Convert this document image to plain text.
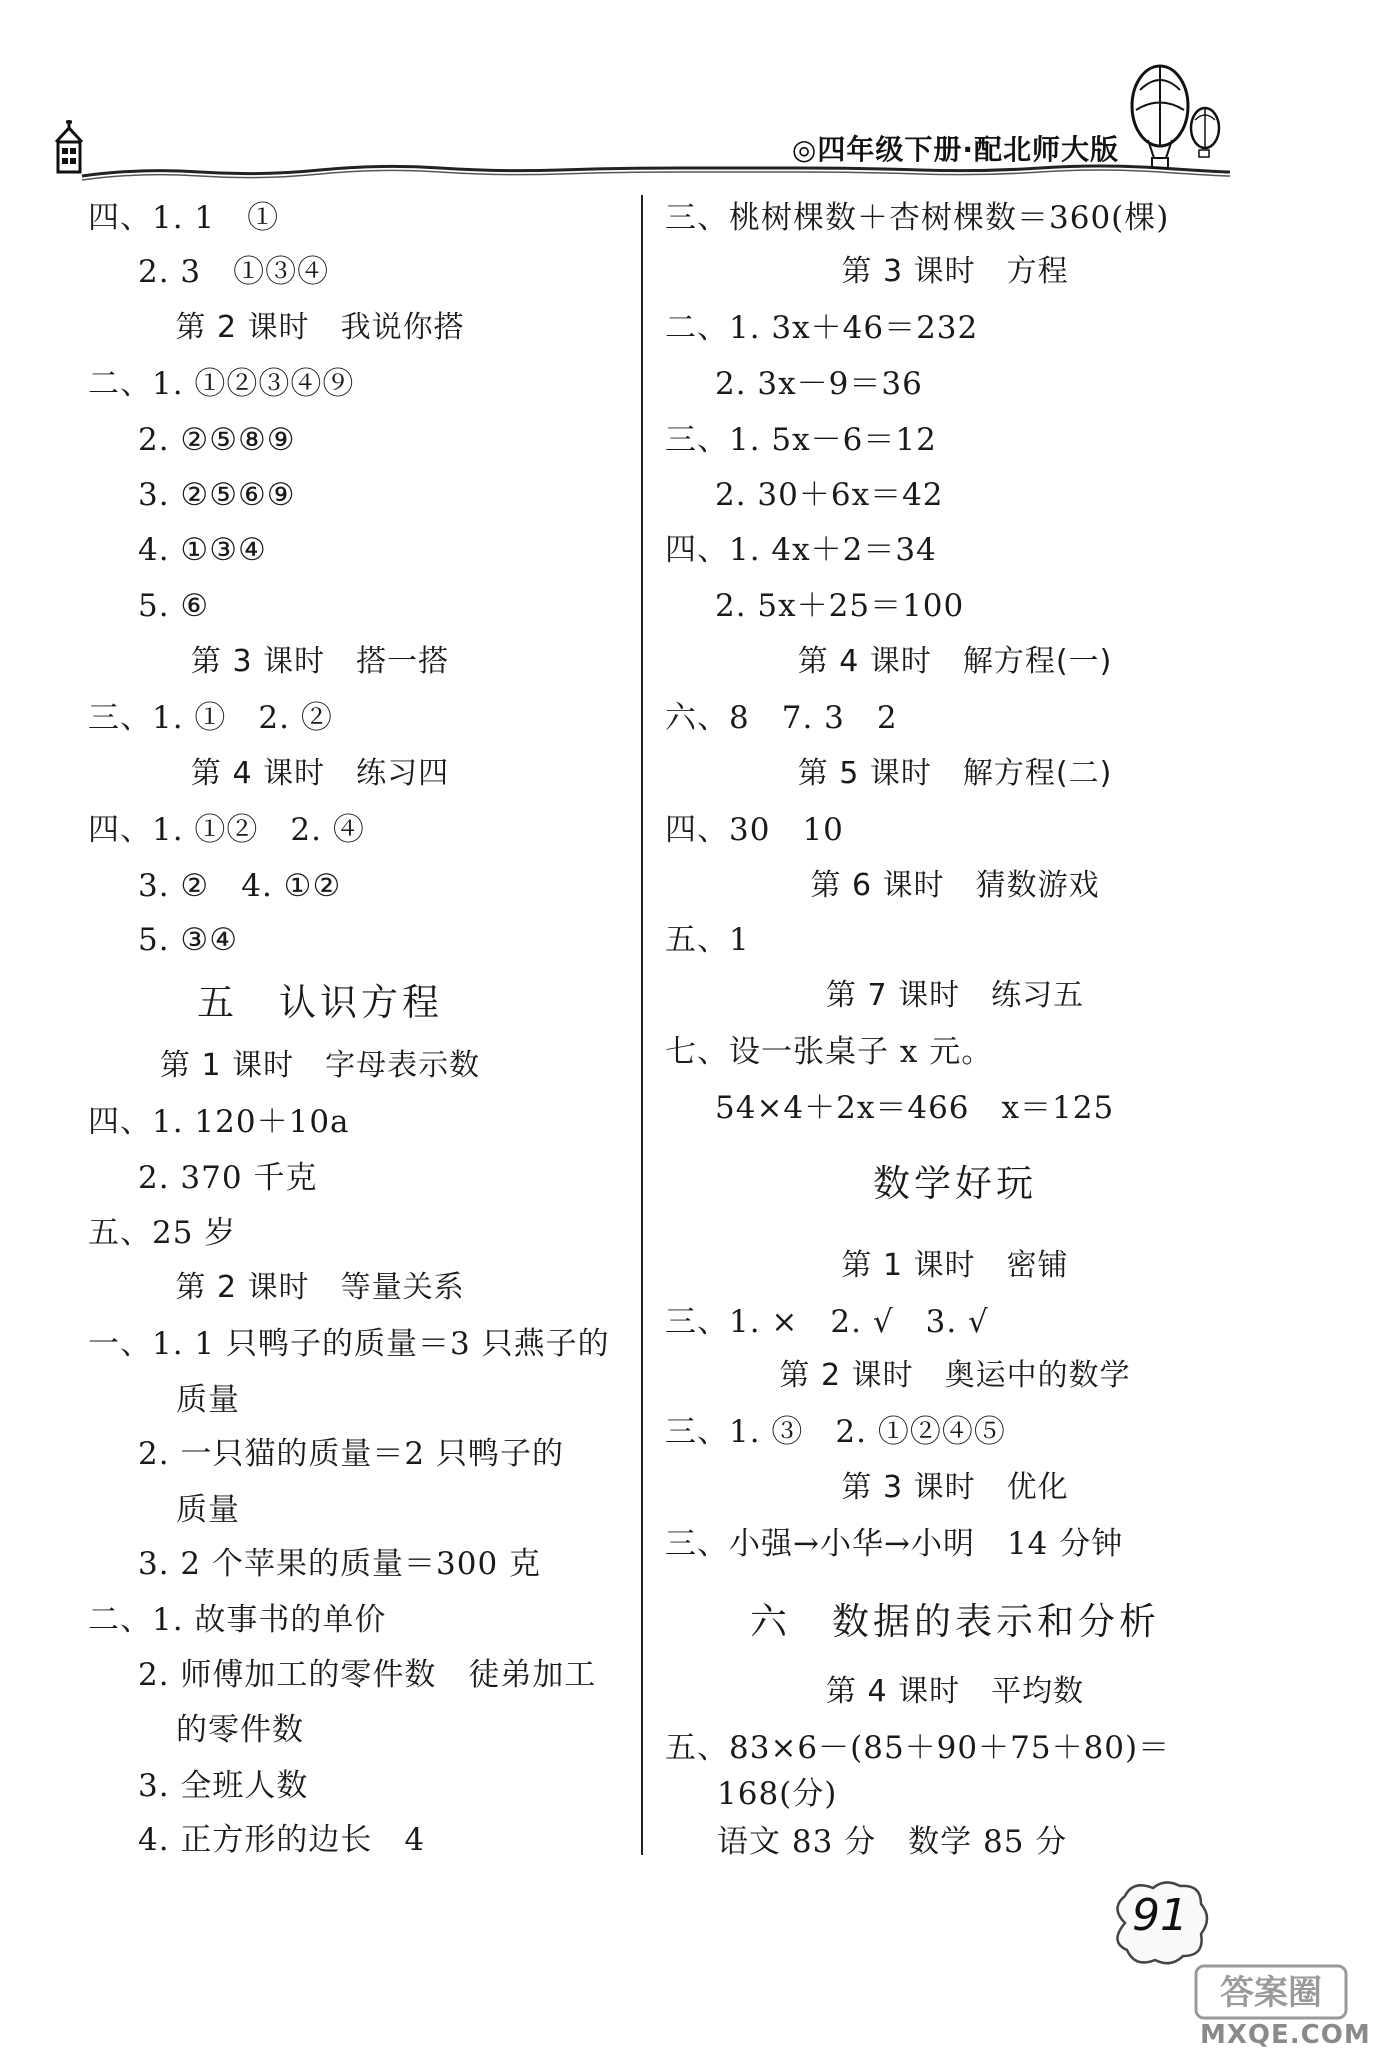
◎四年级下册·配北师大版
四、1. 1　①
2. 3　①③④
第 2 课时　我说你搭
二、1. ①②③④⑨
2. ②⑤⑧⑨
3. ②⑤⑥⑨
4. ①③④
5. ⑥
第 3 课时　搭一搭
三、1. ①　2. ②
第 4 课时　练习四
四、1. ①②　2. ④
3. ②　4. ①②
5. ③④
五　认识方程
第 1 课时　字母表示数
四、1. 120＋10a
2. 370 千克
五、25 岁
第 2 课时　等量关系
一、1. 1 只鸭子的质量＝3 只燕子的
质量
2. 一只猫的质量＝2 只鸭子的
质量
3. 2 个苹果的质量＝300 克
二、1. 故事书的单价
2. 师傅加工的零件数　徒弟加工
的零件数
3. 全班人数
4. 正方形的边长　4
三、桃树棵数＋杏树棵数＝360(棵)
第 3 课时　方程
二、1. 3x＋46＝232
2. 3x－9＝36
三、1. 5x－6＝12
2. 30＋6x＝42
四、1. 4x＋2＝34
2. 5x＋25＝100
第 4 课时　解方程(一)
六、8　7. 3　2
第 5 课时　解方程(二)
四、30　10
第 6 课时　猜数游戏
五、1
第 7 课时　练习五
七、设一张桌子 x 元。
54×4＋2x＝466　x＝125
数学好玩
第 1 课时　密铺
三、1. ×　2. √　3. √
第 2 课时　奥运中的数学
三、1. ③　2. ①②④⑤
第 3 课时　优化
三、小强→小华→小明　14 分钟
六　数据的表示和分析
第 4 课时　平均数
五、83×6－(85＋90＋75＋80)＝
168(分)
语文 83 分　数学 85 分
91
答案圈
MXQE.COM
